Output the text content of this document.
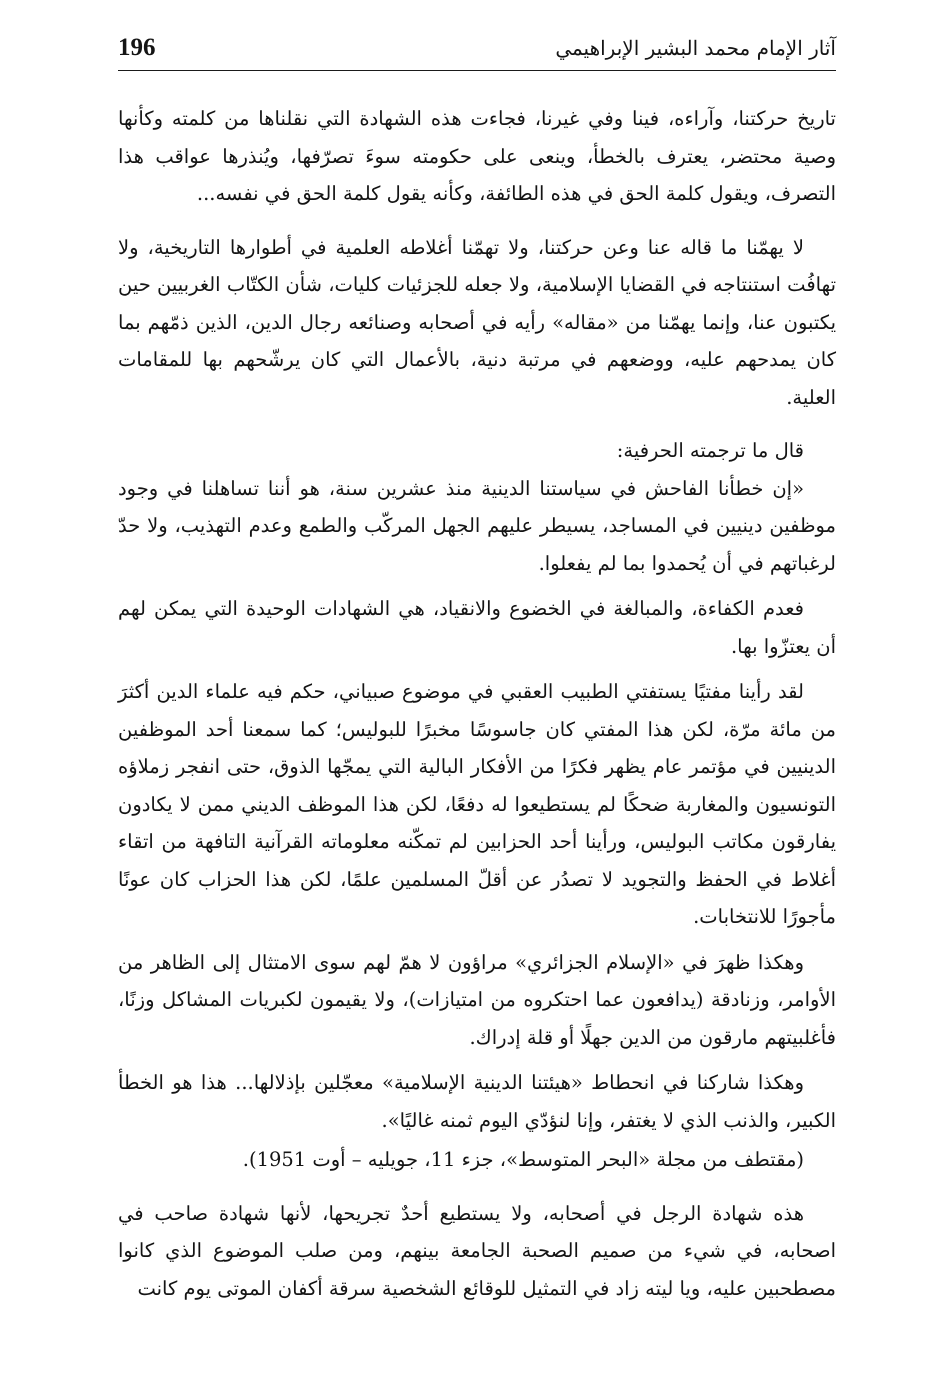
196	آثار الإمام محمد البشير الإبراهيمي

تاريخ حركتنا، وآراءه، فينا وفي غيرنا، فجاءت هذه الشهادة التي نقلناها من كلمته وكأنها وصية محتضر، يعترف بالخطأ، وينعى على حكومته سوءَ تصرّفها، ويُنذرها عواقب هذا التصرف، ويقول كلمة الحق في هذه الطائفة، وكأنه يقول كلمة الحق في نفسه...

لا يهمّنا ما قاله عنا وعن حركتنا، ولا تهمّنا أغلاطه العلمية في أطوارها التاريخية، ولا تهافُت استنتاجه في القضايا الإسلامية، ولا جعله للجزئيات كليات، شأن الكتّاب الغربيين حين يكتبون عنا، وإنما يهمّنا من «مقاله» رأيه في أصحابه وصنائعه رجال الدين، الذين ذمّهم بما كان يمدحهم عليه، ووضعهم في مرتبة دنية، بالأعمال التي كان يرشّحهم بها للمقامات العلية.

قال ما ترجمته الحرفية:

«إن خطأنا الفاحش في سياستنا الدينية منذ عشرين سنة، هو أننا تساهلنا في وجود موظفين دينيين في المساجد، يسيطر عليهم الجهل المركّب والطمع وعدم التهذيب، ولا حدّ لرغباتهم في أن يُحمدوا بما لم يفعلوا.

فعدم الكفاءة، والمبالغة في الخضوع والانقياد، هي الشهادات الوحيدة التي يمكن لهم أن يعتزّوا بها.

لقد رأينا مفتيًا يستفتي الطبيب العقبي في موضوع صبياني، حكم فيه علماء الدين أكثرَ من مائة مرّة، لكن هذا المفتي كان جاسوسًا مخبرًا للبوليس؛ كما سمعنا أحد الموظفين الدينيين في مؤتمر عام يظهر فكرًا من الأفكار البالية التي يمجّها الذوق، حتى انفجر زملاؤه التونسيون والمغاربة ضحكًا لم يستطيعوا له دفعًا، لكن هذا الموظف الديني ممن لا يكادون يفارقون مكاتب البوليس، ورأينا أحد الحزابين لم تمكّنه معلوماته القرآنية التافهة من اتقاء أغلاط في الحفظ والتجويد لا تصدُر عن أقلّ المسلمين علمًا، لكن هذا الحزاب كان عونًا مأجورًا للانتخابات.

وهكذا ظهرَ في «الإسلام الجزائري» مراؤون لا همّ لهم سوى الامتثال إلى الظاهر من الأوامر، وزنادقة (يدافعون عما احتكروه من امتيازات)، ولا يقيمون لكبريات المشاكل وزنًا، فأغلبيتهم مارقون من الدين جهلًا أو قلة إدراك.

وهكذا شاركنا في انحطاط «هيئتنا الدينية الإسلامية» معجّلين بإذلالها... هذا هو الخطأ الكبير، والذنب الذي لا يغتفر، وإنا لنؤدّي اليوم ثمنه غاليًا».

(مقتطف من مجلة «البحر المتوسط»، جزء 11، جويليه – أوت 1951).

هذه شهادة الرجل في أصحابه، ولا يستطيع أحدٌ تجريحها، لأنها شهادة صاحب في اصحابه، في شيء من صميم الصحبة الجامعة بينهم، ومن صلب الموضوع الذي كانوا مصطحبين عليه، ويا ليته زاد في التمثيل للوقائع الشخصية سرقة أكفان الموتى يوم كانت
